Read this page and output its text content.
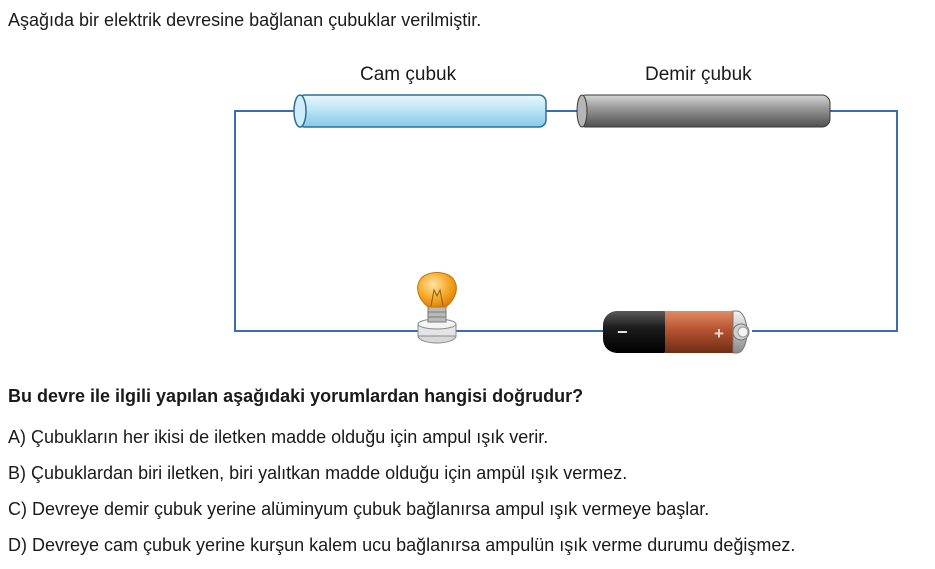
Aşağıda bir elektrik devresine bağlanan çubuklar verilmiştir.
Cam çubuk	Demir çubuk
−	+
Bu devre ile ilgili yapılan aşağıdaki yorumlardan hangisi doğrudur?
A) Çubukların her ikisi de iletken madde olduğu için ampul ışık verir.
B) Çubuklardan biri iletken, biri yalıtkan madde olduğu için ampül ışık vermez.
C) Devreye demir çubuk yerine alüminyum çubuk bağlanırsa ampul ışık vermeye başlar.
D) Devreye cam çubuk yerine kurşun kalem ucu bağlanırsa ampulün ışık verme durumu değişmez.
